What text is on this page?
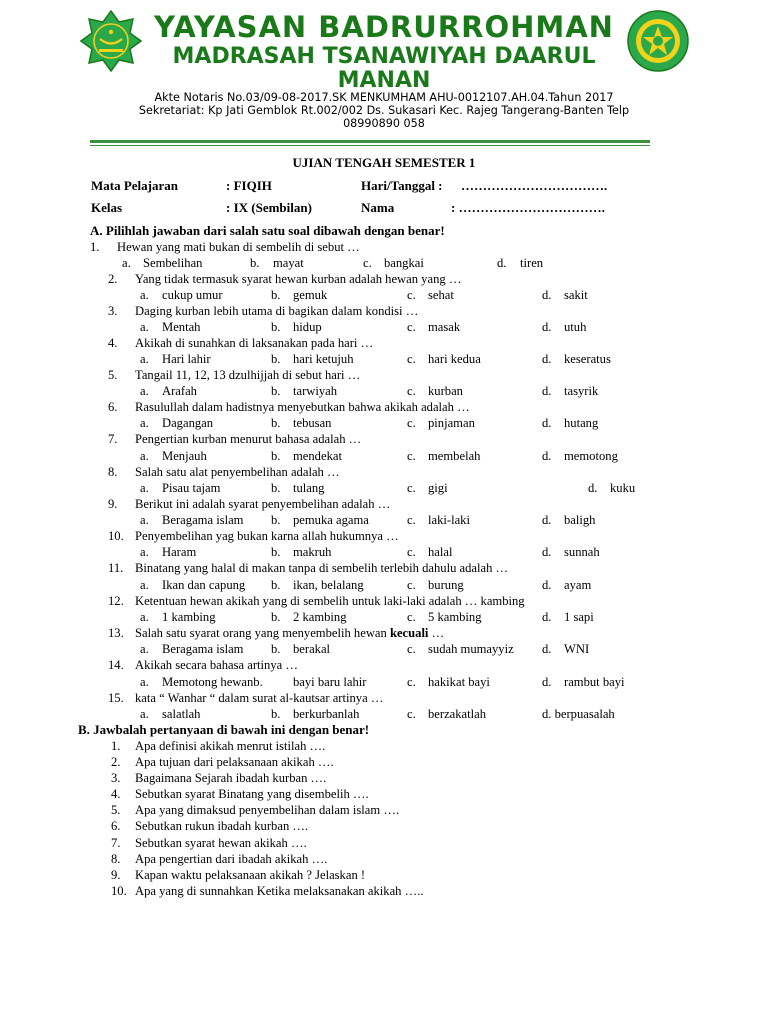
YAYASAN BADRURROHMAN
MADRASAH TSANAWIYAH DAARUL
MANAN
Akte Notaris No.03/09-08-2017.SK MENKUMHAM AHU-0012107.AH.04.Tahun 2017
Sekretariat: Kp Jati Gemblok Rt.002/002 Ds. Sukasari Kec. Rajeg Tangerang-Banten Telp
08990890 058
UJIAN TENGAH SEMESTER 1
Mata Pelajaran	: FIQIH	Hari/Tanggal : …………………………….
Kelas	: IX (Sembilan)	Nama	: …………………………….
A. Pilihlah jawaban dari salah satu soal dibawah dengan benar!
1. Hewan yang mati bukan di sembelih di sebut …
a. Sembelihan	b. mayat	c. bangkai	d. tiren
2. Yang tidak termasuk syarat hewan kurban adalah hewan yang …
a. cukup umur	b. gemuk	c. sehat	d. sakit
3. Daging kurban lebih utama di bagikan dalam kondisi …
a. Mentah	b. hidup	c. masak	d. utuh
4. Akikah di sunahkan di laksanakan pada hari …
a. Hari lahir	b. hari ketujuh	c. hari kedua	d. keseratus
5. Tangail 11, 12, 13 dzulhijjah di sebut hari …
a. Arafah	b. tarwiyah	c. kurban	d. tasyrik
6. Rasulullah dalam hadistnya menyebutkan bahwa akikah adalah …
a. Dagangan	b. tebusan	c. pinjaman	d. hutang
7. Pengertian kurban menurut bahasa adalah …
a. Menjauh	b. mendekat	c. membelah	d. memotong
8. Salah satu alat penyembelihan adalah …
a. Pisau tajam	b. tulang	c. gigi	d. kuku
9. Berikut ini adalah syarat penyembelihan adalah …
a. Beragama islam b. pemuka agama	c. laki-laki	d. baligh
10. Penyembelihan yag bukan karna allah hukumnya …
a. Haram	b. makruh	c. halal	d. sunnah
11. Binatang yang halal di makan tanpa di sembelih terlebih dahulu adalah …
a. Ikan dan capung b. ikan, belalang	c. burung	d. ayam
12. Ketentuan hewan akikah yang di sembelih untuk laki-laki adalah … kambing
a. 1 kambing	b. 2 kambing	c. 5 kambing	d. 1 sapi
13. Salah satu syarat orang yang menyembelih hewan kecuali …
a. Beragama islam b. berakal	c. sudah mumayyiz d. WNI
14. Akikah secara bahasa artinya …
a. Memotong hewanb. bayi baru lahir	c. hakikat bayi	d. rambut bayi
15. kata “ Wanhar “ dalam surat al-kautsar artinya …
a. salatlah	b. berkurbanlah	c. berzakatlah	d. berpuasalah
B. Jawbalah pertanyaan di bawah ini dengan benar!
1. Apa definisi akikah menrut istilah ….
2. Apa tujuan dari pelaksanaan akikah ….
3. Bagaimana Sejarah ibadah kurban ….
4. Sebutkan syarat Binatang yang disembelih ….
5. Apa yang dimaksud penyembelihan dalam islam ….
6. Sebutkan rukun ibadah kurban ….
7. Sebutkan syarat hewan akikah ….
8. Apa pengertian dari ibadah akikah ….
9. Kapan waktu pelaksanaan akikah ? Jelaskan !
10. Apa yang di sunnahkan Ketika melaksanakan akikah …..
